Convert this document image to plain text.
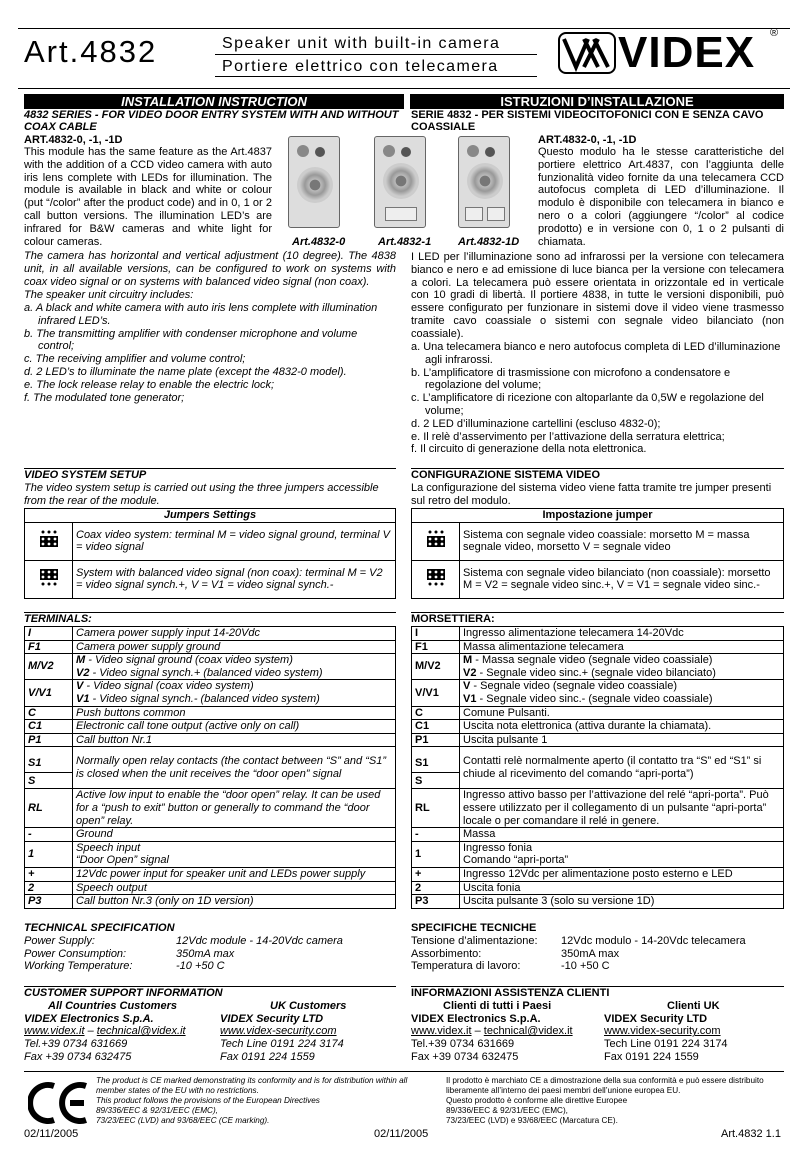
Art.4832	Speaker unit with built-in camera
Portiere elettrico con telecamera	VIDEX ®
INSTALLATION INSTRUCTION	ISTRUZIONI D’INSTALLAZIONE
4832 SERIES - FOR VIDEO DOOR ENTRY SYSTEM WITH AND WITHOUT COAX CABLE
ART.4832-0, -1, -1D
This module has the same feature as the Art.4837 with the addition of a CCD video camera with auto iris lens complete with LEDs for illumination. The module is available in black and white or colour (put “/color” after the product code) and in 0, 1 or 2 call button versions. The illumination LED’s are infrared for B&W cameras and white light for colour cameras.	Art.4832-0	Art.4832-1 Art.4832-1D
The camera has horizontal and vertical adjustment (10 degree). The 4838 unit, in all available versions, can be configured to work on systems with coax video signal or on systems with balanced video signal (non coax).
The speaker unit circuitry includes:

a. A black and white camera with auto iris lens complete with illumination infrared LED’s.

b. The transmitting amplifier with condenser microphone and volume control;

c. The receiving amplifier and volume control;

d. 2 LED’s to illuminate the name plate (except the 4832-0 model).

e. The lock release relay to enable the electric lock;

f. The modulated tone generator;

SERIE 4832 - PER SISTEMI VIDEOCITOFONICI CON E SENZA CAVO COASSIALE
ART.4832-0, -1, -1D
Questo modulo ha le stesse caratteristiche del portiere elettrico Art.4837, con l’aggiunta delle funzionalità video fornite da una telecamera CCD autofocus completa di LED d’illuminazione. Il modulo è disponibile con telecamera in bianco e nero o a colori (aggiungere “/color” al codice prodotto) e in versione con 0, 1 o 2 pulsanti di chiamata.
I LED per l’illuminazione sono ad infrarossi per la versione con telecamera bianco e nero e ad emissione di luce bianca per la versione con telecamera a colori. La telecamera può essere orientata in orizzontale ed in verticale con 10 gradi di libertà. Il portiere 4838, in tutte le versioni disponibili, può essere configurato per funzionare in sistemi dove il video viene trasmesso tramite cavo coassiale o sistemi con segnale video bilanciato (non coassiale).

a. Una telecamera bianco e nero autofocus completa di LED d’illuminazione agli infrarossi.

b. L’amplificatore di trasmissione con microfono a condensatore e regolazione del volume;

c. L’amplificatore di ricezione con altoparlante da 0,5W e regolazione del volume;

d. 2 LED d’illuminazione cartellini (escluso 4832-0);

e. Il relè d’asservimento per l’attivazione della serratura elettrica;

f. Il circuito di generazione della nota elettronica.

VIDEO SYSTEM SETUP
The video system setup is carried out using the three jumpers accessible from the rear of the module.
Jumpers Settings	
	Coax video system: terminal M = video signal ground, terminal V = video signal
	System with balanced video signal (non coax): terminal M = V2 = video signal synch.+, V = V1 = video signal synch.-
CONFIGURAZIONE SISTEMA VIDEO
La configurazione del sistema video viene fatta tramite tre jumper presenti sul retro del modulo.
Impostazione jumper	
	Sistema con segnale video coassiale: morsetto M = massa segnale video, morsetto V = segnale video
	Sistema con segnale video bilanciato (non coassiale): morsetto M = V2 = segnale video sinc.+, V = V1 = segnale video sinc.-
TERMINALS:
I	Camera power supply input 14-20Vdc
F1	Camera power supply ground
M/V2	M - Video signal ground (coax video system)
V2 - Video signal synch.+ (balanced video system)
V/V1	V - Video signal (coax video system)
V1 - Video signal synch.- (balanced video system)
C	Push buttons common
C1	Electronic call tone output (active only on call)
P1	Call button Nr.1
S1	Normally open relay contacts (the contact between “S” and “S1” is closed when the unit receives the “door open” signal
S	
RL	Active low input to enable the “door open” relay. It can be used for a “push to exit” button or generally to command the “door open” relay.
-	Ground
1	Speech input
“Door Open” signal
+	12Vdc power input for speaker unit and LEDs power supply
2	Speech output
P3	Call button Nr.3 (only on 1D version)
MORSETTIERA:
I	Ingresso alimentazione telecamera 14-20Vdc
F1	Massa alimentazione telecamera
M/V2	M - Massa segnale video (segnale video coassiale)
V2 - Segnale video sinc.+ (segnale video bilanciato)
V/V1	V - Segnale video (segnale video coassiale)
V1 - Segnale video sinc.- (segnale video coassiale)
C	Comune Pulsanti.
C1	Uscita nota elettronica (attiva durante la chiamata).
P1	Uscita pulsante 1
S1	Contatti relè normalmente aperto (il contatto tra “S” ed “S1” si chiude al ricevimento del comando “apri-porta”)
S	
RL	Ingresso attivo basso per l’attivazione del relé “apri-porta”. Può essere utilizzato per il collegamento di un pulsante “apri-porta” locale o per comandare il relé in genere.
-	Massa
1	Ingresso fonia
Comando “apri-porta”
+	Ingresso 12Vdc per alimentazione posto esterno e LED
2	Uscita fonia
P3	Uscita pulsante 3 (solo su versione 1D)
TECHNICAL SPECIFICATION
Power Supply:	12Vdc module - 14-20Vdc camera
Power Consumption:	350mA max
Working Temperature:	-10 +50 C
SPECIFICHE TECNICHE
Tensione d’alimentazione: 12Vdc modulo - 14-20Vdc telecamera
Assorbimento:	350mA max
Temperatura di lavoro:	-10 +50 C
CUSTOMER SUPPORT INFORMATION
All Countries Customers	UK Customers
VIDEX Electronics S.p.A.	VIDEX Security LTD
www.videx.it – technical@videx.it	www.videx-security.com
Tel.+39 0734 631669	Tech Line 0191 224 3174
Fax +39 0734 632475	Fax 0191 224 1559
INFORMAZIONI ASSISTENZA CLIENTI
Clienti di tutti i Paesi	Clienti UK
VIDEX Electronics S.p.A.	VIDEX Security LTD
www.videx.it – technical@videx.it	www.videx-security.com
Tel.+39 0734 631669	Tech Line 0191 224 3174
Fax +39 0734 632475	Fax 0191 224 1559
The product is CE marked demonstrating its conformity and is for distribution within all member states of the EU with no restrictions.
This product follows the provisions of the European Directives
89/336/EEC & 92/31/EEC (EMC),
73/23/EEC (LVD) and 93/68/EEC (CE marking).
Il prodotto è marchiato CE a dimostrazione della sua conformità e può essere distribuito liberamente all’interno dei paesi membri dell’unione europea EU.
Questo prodotto è conforme alle direttive Europee
89/336/EEC & 92/31/EEC (EMC),
73/23/EEC (LVD) e 93/68/EEC (Marcatura CE).
02/11/2005	02/11/2005	Art.4832 1.1
